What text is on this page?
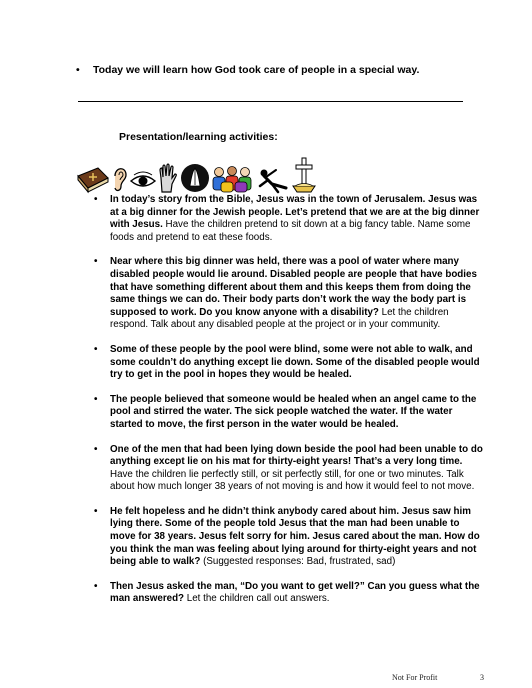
• Today we will learn how God took care of people in a special way.
Presentation/learning activities:
• In today’s story from the Bible, Jesus was in the town of Jerusalem. Jesus was at a big dinner for the Jewish people. Let’s pretend that we are at the big dinner with Jesus. Have the children pretend to sit down at a big fancy table. Name some foods and pretend to eat these foods.
• Near where this big dinner was held, there was a pool of water where many disabled people would lie around. Disabled people are people that have bodies that have something different about them and this keeps them from doing the same things we can do. Their body parts don’t work the way the body part is supposed to work. Do you know anyone with a disability? Let the children respond. Talk about any disabled people at the project or in your community.
• Some of these people by the pool were blind, some were not able to walk, and some couldn’t do anything except lie down. Some of the disabled people would try to get in the pool in hopes they would be healed.
• The people believed that someone would be healed when an angel came to the pool and stirred the water. The sick people watched the water. If the water started to move, the first person in the water would be healed.
• One of the men that had been lying down beside the pool had been unable to do anything except lie on his mat for thirty-eight years! That’s a very long time. Have the children lie perfectly still, or sit perfectly still, for one or two minutes. Talk about how much longer 38 years of not moving is and how it would feel to not move.
• He felt hopeless and he didn’t think anybody cared about him. Jesus saw him lying there. Some of the people told Jesus that the man had been unable to move for 38 years. Jesus felt sorry for him. Jesus cared about the man. How do you think the man was feeling about lying around for thirty-eight years and not being able to walk? (Suggested responses: Bad, frustrated, sad)
• Then Jesus asked the man, “Do you want to get well?” Can you guess what the man answered? Let the children call out answers.
Not For Profit	3
